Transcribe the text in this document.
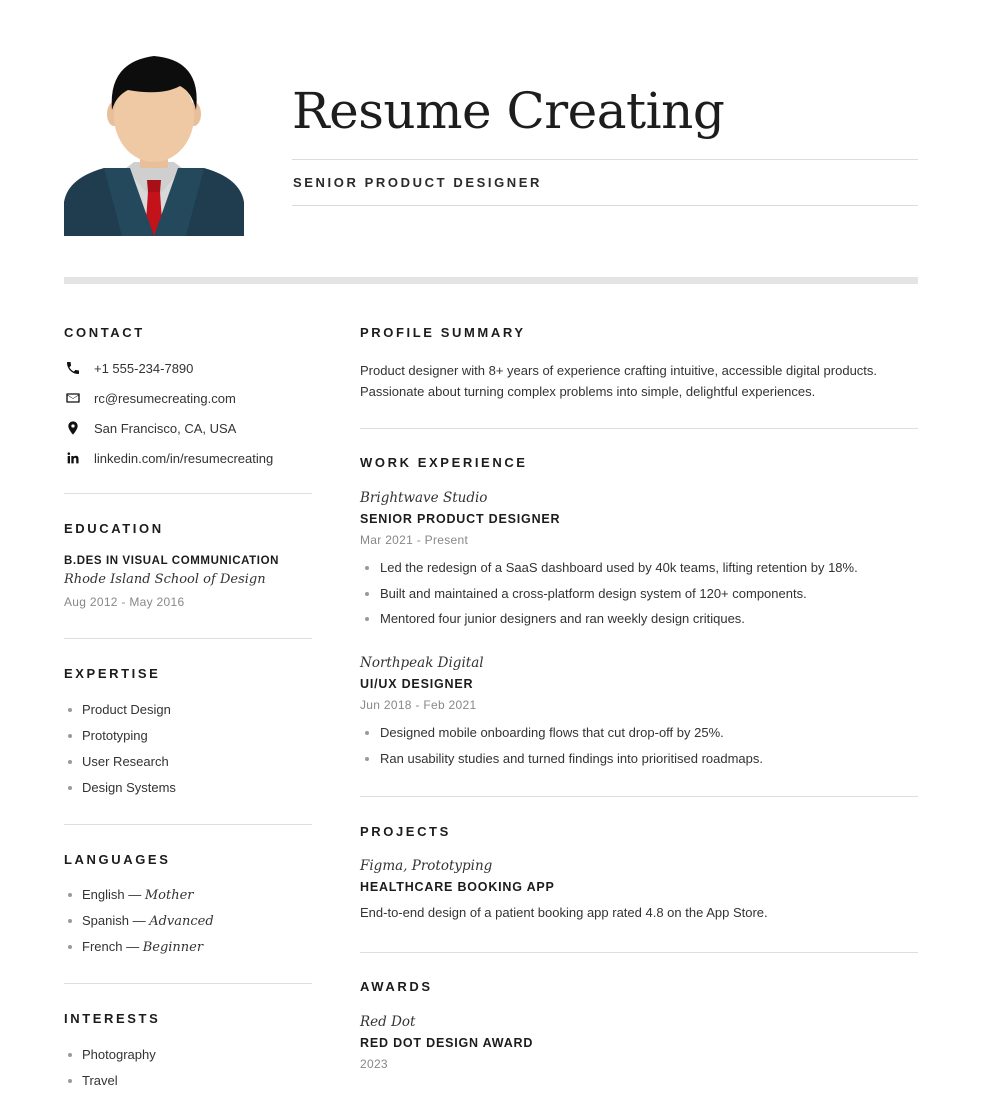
Resume Creating
SENIOR PRODUCT DESIGNER
CONTACT
+1 555-234-7890
rc@resumecreating.com
San Francisco, CA, USA
linkedin.com/in/resumecreating
EDUCATION
B.DES IN VISUAL COMMUNICATION
Rhode Island School of Design
Aug 2012 - May 2016
EXPERTISE
Product Design
Prototyping
User Research
Design Systems
LANGUAGES
English — Mother
Spanish — Advanced
French — Beginner
INTERESTS
Photography
Travel
PROFILE SUMMARY
Product designer with 8+ years of experience crafting intuitive, accessible digital products. Passionate about turning complex problems into simple, delightful experiences.
WORK EXPERIENCE
Brightwave Studio
SENIOR PRODUCT DESIGNER
Mar 2021 - Present
Led the redesign of a SaaS dashboard used by 40k teams, lifting retention by 18%.
Built and maintained a cross-platform design system of 120+ components.
Mentored four junior designers and ran weekly design critiques.
Northpeak Digital
UI/UX DESIGNER
Jun 2018 - Feb 2021
Designed mobile onboarding flows that cut drop-off by 25%.
Ran usability studies and turned findings into prioritised roadmaps.
PROJECTS
Figma, Prototyping
HEALTHCARE BOOKING APP
End-to-end design of a patient booking app rated 4.8 on the App Store.
AWARDS
Red Dot
RED DOT DESIGN AWARD
2023
